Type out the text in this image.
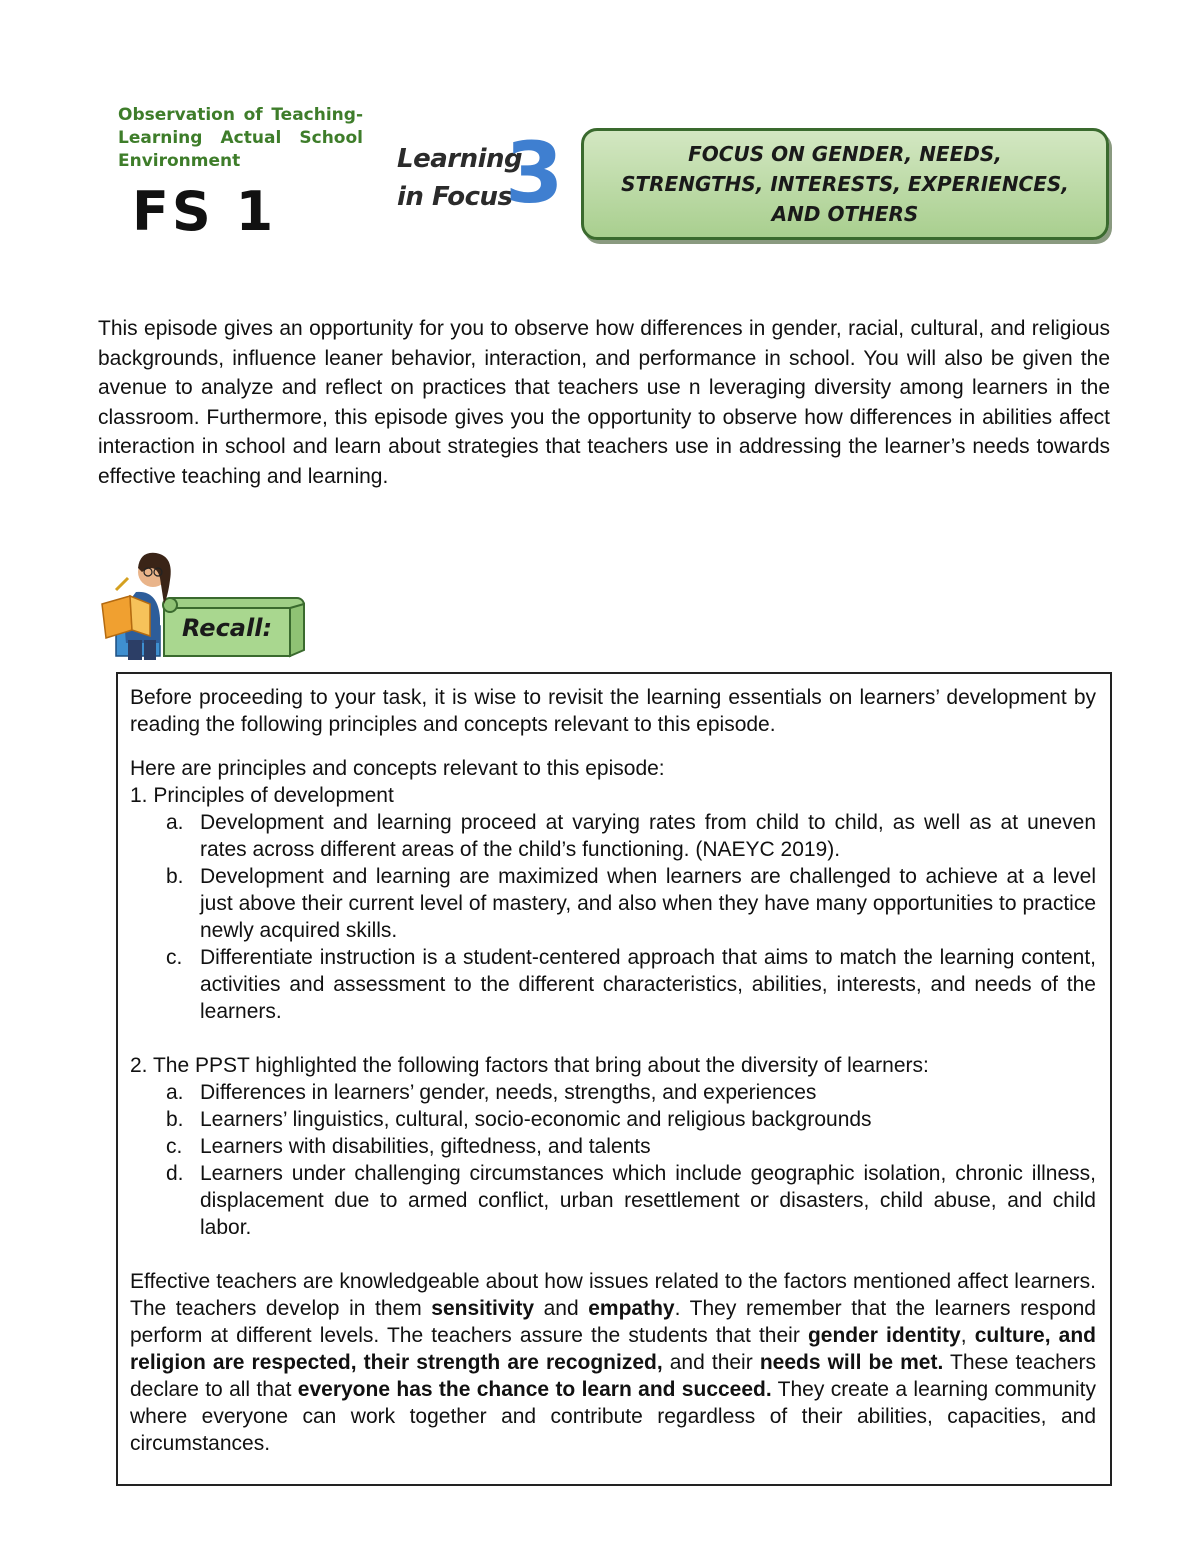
Observation of Teaching-
Learning Actual School
Environment
FS 1
Learning
in Focus
3	FOCUS ON GENDER, NEEDS,
STRENGTHS, INTERESTS, EXPERIENCES,
AND OTHERS

This episode gives an opportunity for you to observe how differences in gender, racial, cultural, and religious backgrounds, influence leaner behavior, interaction, and performance in school. You will also be given the avenue to analyze and reflect on practices that teachers use n leveraging diversity among learners in the classroom. Furthermore, this episode gives you the opportunity to observe how differences in abilities affect interaction in school and learn about strategies that teachers use in addressing the learner’s needs towards effective teaching and learning.

Recall:

Before proceeding to your task, it is wise to revisit the learning essentials on learners’ development by reading the following principles and concepts relevant to this episode.

Here are principles and concepts relevant to this episode:

1. Principles of development

a. Development and learning proceed at varying rates from child to child, as well as at uneven rates across different areas of the child’s functioning. (NAEYC 2019).
b. Development and learning are maximized when learners are challenged to achieve at a level just above their current level of mastery, and also when they have many opportunities to practice newly acquired skills.
c. Differentiate instruction is a student-centered approach that aims to match the learning content, activities and assessment to the different characteristics, abilities, interests, and needs of the learners.

2. The PPST highlighted the following factors that bring about the diversity of learners:

a. Differences in learners’ gender, needs, strengths, and experiences
b. Learners’ linguistics, cultural, socio-economic and religious backgrounds
c. Learners with disabilities, giftedness, and talents
d. Learners under challenging circumstances which include geographic isolation, chronic illness, displacement due to armed conflict, urban resettlement or disasters, child abuse, and child labor.

Effective teachers are knowledgeable about how issues related to the factors mentioned affect learners. The teachers develop in them sensitivity and empathy. They remember that the learners respond perform at different levels. The teachers assure the students that their gender identity, culture, and religion are respected, their strength are recognized, and their needs will be met. These teachers declare to all that everyone has the chance to learn and succeed. They create a learning community where everyone can work together and contribute regardless of their abilities, capacities, and circumstances.
